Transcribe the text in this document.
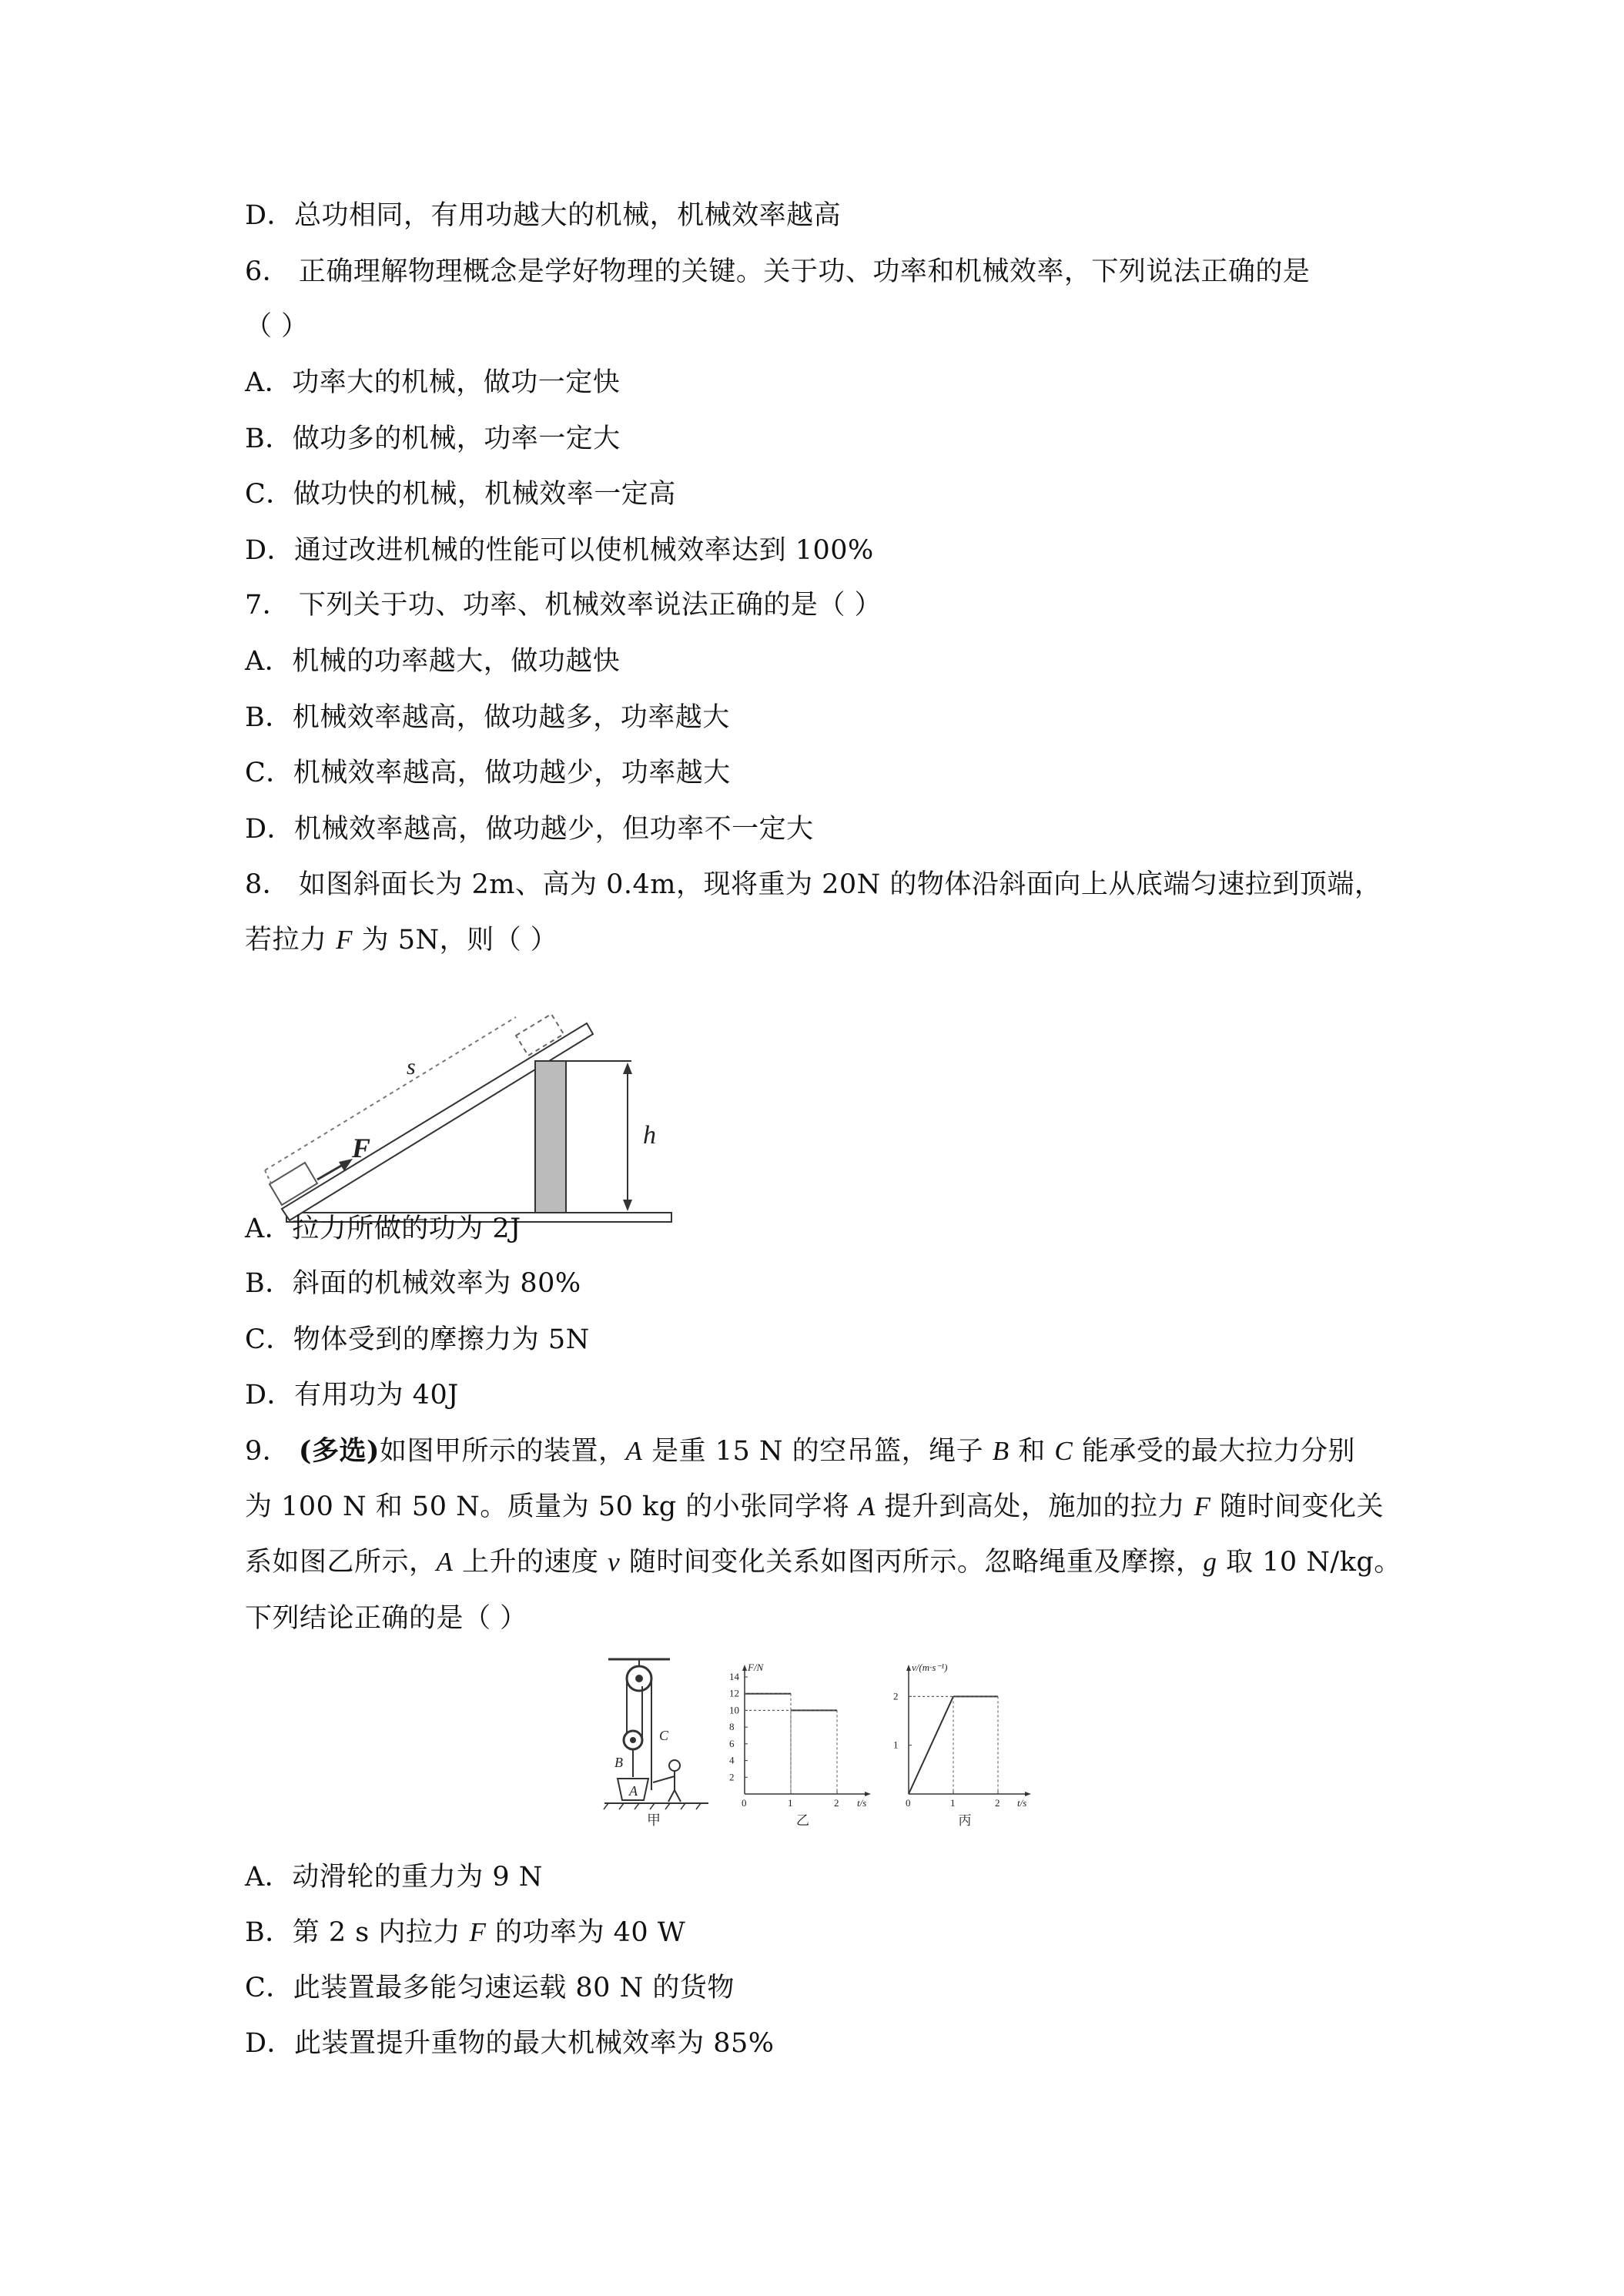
D．总功相同，有用功越大的机械，机械效率越高
6． 正确理解物理概念是学好物理的关键。关于功、功率和机械效率，下列说法正确的是
（ ）
A．功率大的机械，做功一定快
B．做功多的机械，功率一定大
C．做功快的机械，机械效率一定高
D．通过改进机械的性能可以使机械效率达到 100%
7． 下列关于功、功率、机械效率说法正确的是（ ）
A．机械的功率越大，做功越快
B．机械效率越高，做功越多，功率越大
C．机械效率越高，做功越少，功率越大
D．机械效率越高，做功越少，但功率不一定大
8． 如图斜面长为 2m、高为 0.4m，现将重为 20N 的物体沿斜面向上从底端匀速拉到顶端，
若拉力 F 为 5N，则（ ）
h
s
F
A．拉力所做的功为 2J
B．斜面的机械效率为 80%
C．物体受到的摩擦力为 5N
D．有用功为 40J
9． (多选)如图甲所示的装置，A 是重 15 N 的空吊篮，绳子 B 和 C 能承受的最大拉力分别
为 100 N 和 50 N。质量为 50 kg 的小张同学将 A 提升到高处，施加的拉力 F 随时间变化关
系如图乙所示，A 上升的速度 v 随时间变化关系如图丙所示。忽略绳重及摩擦，g 取 10 N/kg。
下列结论正确的是（ ）
A
B
C
甲
0	1	2
2
4
6
8
10
12
14
F/N
t/s
乙
0	1	2
1
2
v/(m·s⁻¹)
t/s
丙
A．动滑轮的重力为 9 N
B．第 2 s 内拉力 F 的功率为 40 W
C．此装置最多能匀速运载 80 N 的货物
D．此装置提升重物的最大机械效率为 85%
